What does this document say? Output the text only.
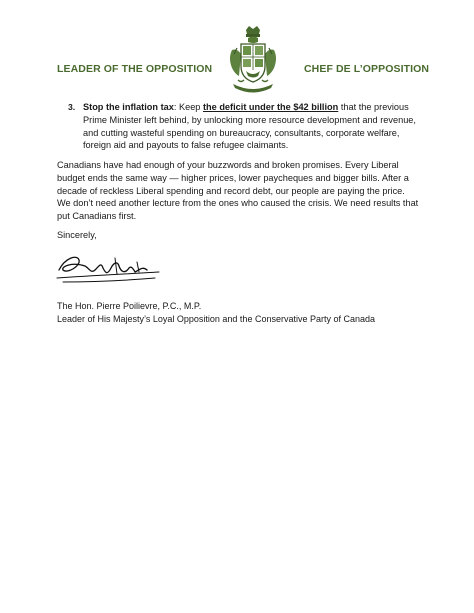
LEADER OF THE OPPOSITION	CHEF DE L’OPPOSITION
3. Stop the inflation tax: Keep the deficit under the $42 billion that the previous Prime Minister left behind, by unlocking more resource development and revenue, and cutting wasteful spending on bureaucracy, consultants, corporate welfare, foreign aid and payouts to false refugee claimants.
Canadians have had enough of your buzzwords and broken promises. Every Liberal budget ends the same way — higher prices, lower paycheques and bigger bills. After a decade of reckless Liberal spending and record debt, our people are paying the price. We don’t need another lecture from the ones who caused the crisis. We need results that put Canadians first.
Sincerely,
The Hon. Pierre Poilievre, P.C., M.P.
Leader of His Majesty’s Loyal Opposition and the Conservative Party of Canada
